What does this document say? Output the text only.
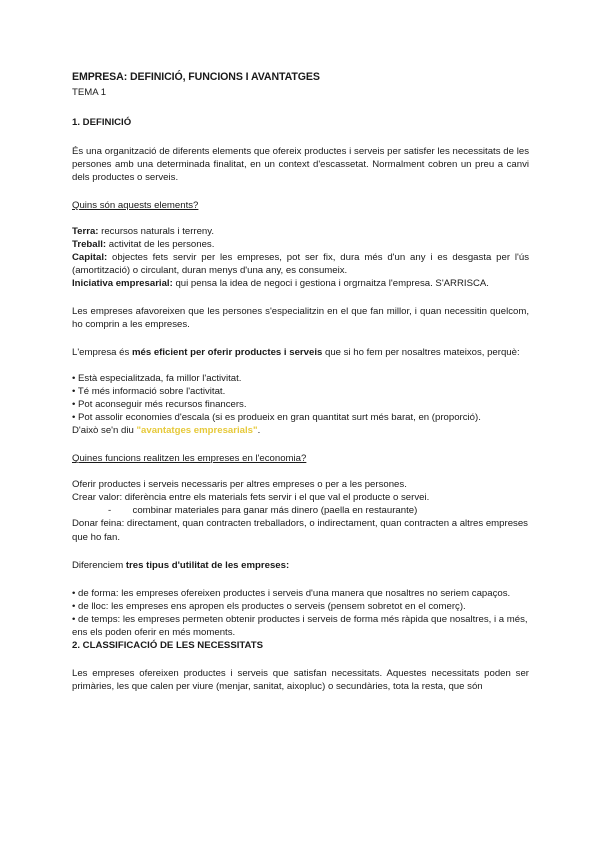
EMPRESA: DEFINICIÓ, FUNCIONS I AVANTATGES
TEMA 1
1. DEFINICIÓ

És una organització de diferents elements que ofereix productes i serveis per satisfer les necessitats de les persones amb una determinada finalitat, en un context d'escassetat. Normalment cobren un preu a canvi dels productes o serveis.

Quins són aquests elements?

Terra: recursos naturals i terreny.

Treball: activitat de les persones.

Capital: objectes fets servir per les empreses, pot ser fix, dura més d'un any i es desgasta per l'ús (amortització) o circulant, duran menys d'una any, es consumeix.

Iniciativa empresarial: qui pensa la idea de negoci i gestiona i orgrnaitza l'empresa. S'ARRISCA.

Les empreses afavoreixen que les persones s'especialitzin en el que fan millor, i quan necessitin quelcom, ho comprin a les empreses.

L'empresa és més eficient per oferir productes i serveis que si ho fem per nosaltres mateixos, perquè:

• Està especialitzada, fa millor l'activitat.
• Té més informació sobre l'activitat.
• Pot aconseguir més recursos financers.
• Pot assolir economies d'escala (si es produeix en gran quantitat surt més barat, en (proporció).

D'això se'n diu "avantatges empresarials".

Quines funcions realitzen les empreses en l'economia?

Oferir productes i serveis necessaris per altres empreses o per a les persones.

Crear valor: diferència entre els materials fets servir i el que val el producte o servei.

-        combinar materiales para ganar más dinero (paella en restaurante)

Donar feina: directament, quan contracten treballadors, o indirectament, quan contracten a altres empreses que ho fan.

Diferenciem tres tipus d'utilitat de les empreses:

• de forma: les empreses ofereixen productes i serveis d'una manera que nosaltres no seriem capaços.
• de lloc: les empreses ens apropen els productes o serveis (pensem sobretot en el comerç).
• de temps: les empreses permeten obtenir productes i serveis de forma més ràpida que nosaltres, i a més, ens els poden oferir en més moments.
2. CLASSIFICACIÓ DE LES NECESSITATS

Les empreses ofereixen productes i serveis que satisfan necessitats. Aquestes necessitats poden ser primàries, les que calen per viure (menjar, sanitat, aixopluc) o secundàries, tota la resta, que són
